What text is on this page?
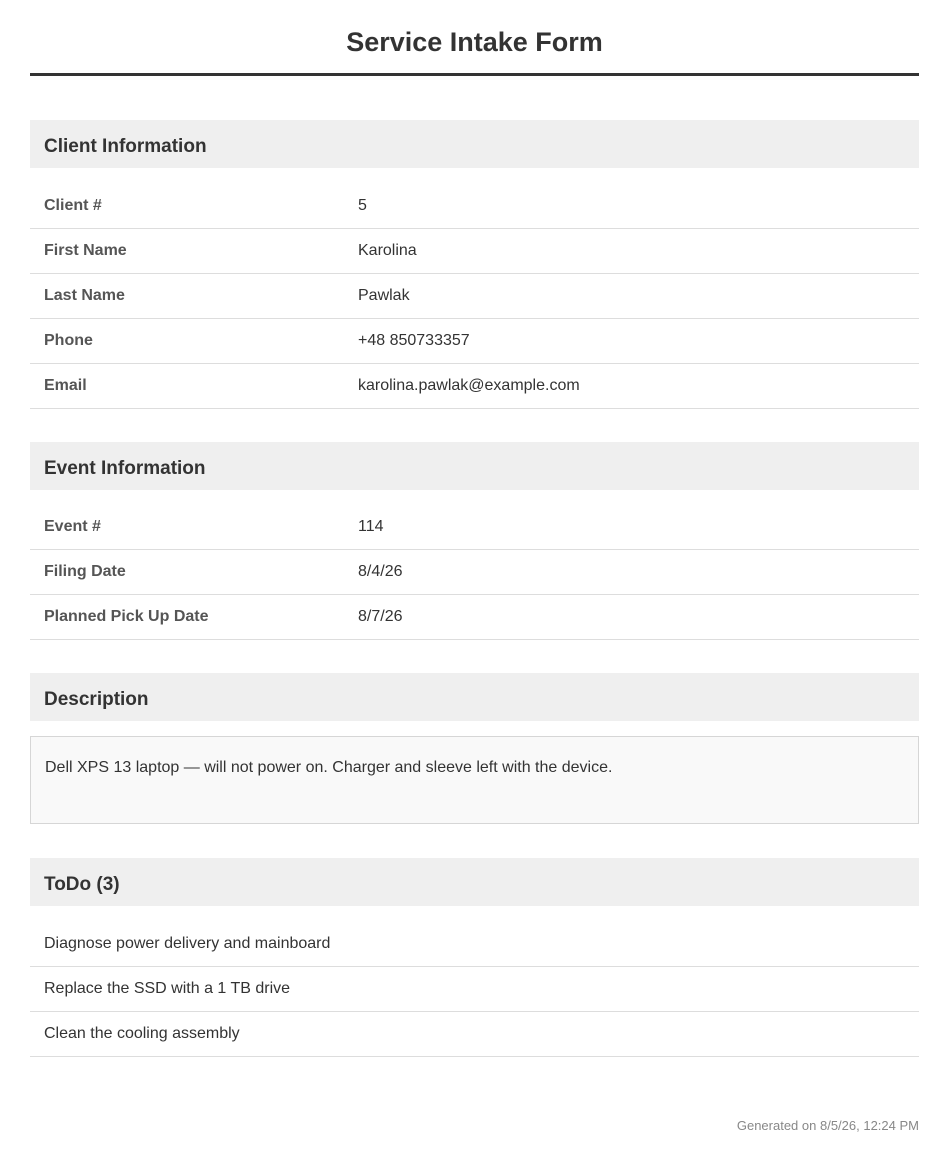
Service Intake Form
Client Information
Client #	5
First Name	Karolina
Last Name	Pawlak
Phone	+48 850733357
Email	karolina.pawlak@example.com
Event Information
Event #	114
Filing Date	8/4/26
Planned Pick Up Date	8/7/26
Description
Dell XPS 13 laptop — will not power on. Charger and sleeve left with the device.
ToDo (3)
Diagnose power delivery and mainboard
Replace the SSD with a 1 TB drive
Clean the cooling assembly
Generated on 8/5/26, 12:24 PM
